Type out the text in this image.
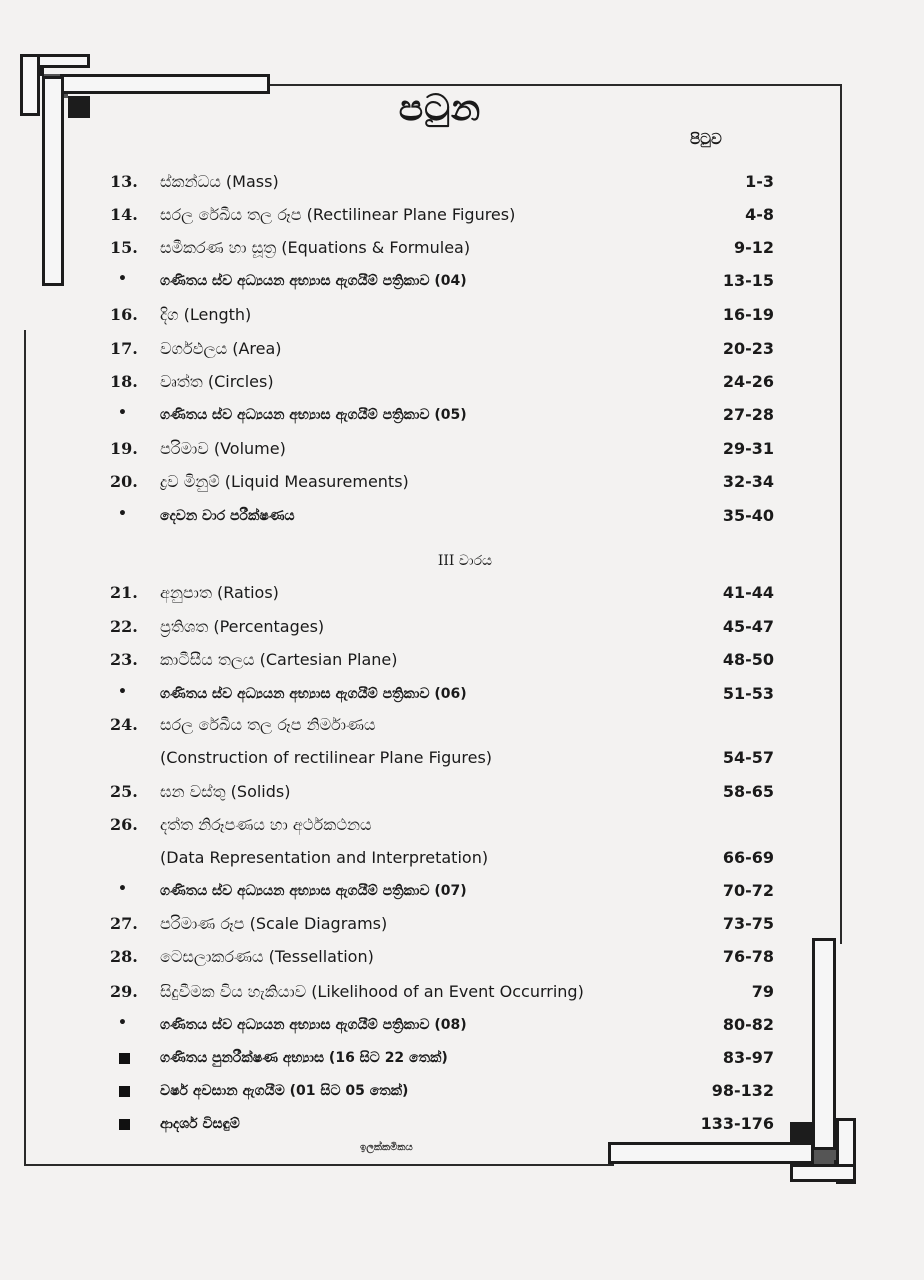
පටුන
පිටුව
III වාරය
13. ස්කන්ධය (Mass)	1-3
14. සරල රේඛීය තල රූප (Rectilinear Plane Figures)	4-8
15. සමීකරණ හා සූත්‍ර (Equations & Formulea)	9-12
• ගණිතය ස්ව අධ්‍යයන අභ්‍යාස ඇගයීම් පත්‍රිකාව (04)	13-15
16. දිග (Length)	16-19
17. වර්ගඵලය (Area)	20-23
18. වෘත්ත (Circles)	24-26
• ගණිතය ස්ව අධ්‍යයන අභ්‍යාස ඇගයීම් පත්‍රිකාව (05)	27-28
19. පරිමාව (Volume)	29-31
20. ද්‍රව මිනුම් (Liquid Measurements)	32-34
• දෙවන වාර පරීක්ෂණය	35-40
21. අනුපාත (Ratios)	41-44
22. ප්‍රතිශත (Percentages)	45-47
23. කාටීසීය තලය (Cartesian Plane)	48-50
• ගණිතය ස්ව අධ්‍යයන අභ්‍යාස ඇගයීම් පත්‍රිකාව (06)	51-53
24. සරල රේඛීය තල රූප නිර්මාණය
(Construction of rectilinear Plane Figures)	54-57
25. ඝන වස්තු (Solids)	58-65
26. දත්ත නිරූපණය හා අර්ථකථනය
(Data Representation and Interpretation)	66-69
• ගණිතය ස්ව අධ්‍යයන අභ්‍යාස ඇගයීම් පත්‍රිකාව (07)	70-72
27. පරිමාණ රූප (Scale Diagrams)	73-75
28. ටෙසලාකරණය (Tessellation)	76-78
29. සිදුවීමක විය හැකියාව (Likelihood of an Event Occurring)	79
• ගණිතය ස්ව අධ්‍යයන අභ්‍යාස ඇගයීම් පත්‍රිකාව (08)	80-82
ගණිතය පුනරීක්ෂණ අභ්‍යාස (16 සිට 22 තෙක්)	83-97
වර්ෂ අවසාන ඇගයීම (01 සිට 05 තෙක්)	98-132
ආදර්ශ විසඳුම්	133-176
ඉලක්කමිකය
